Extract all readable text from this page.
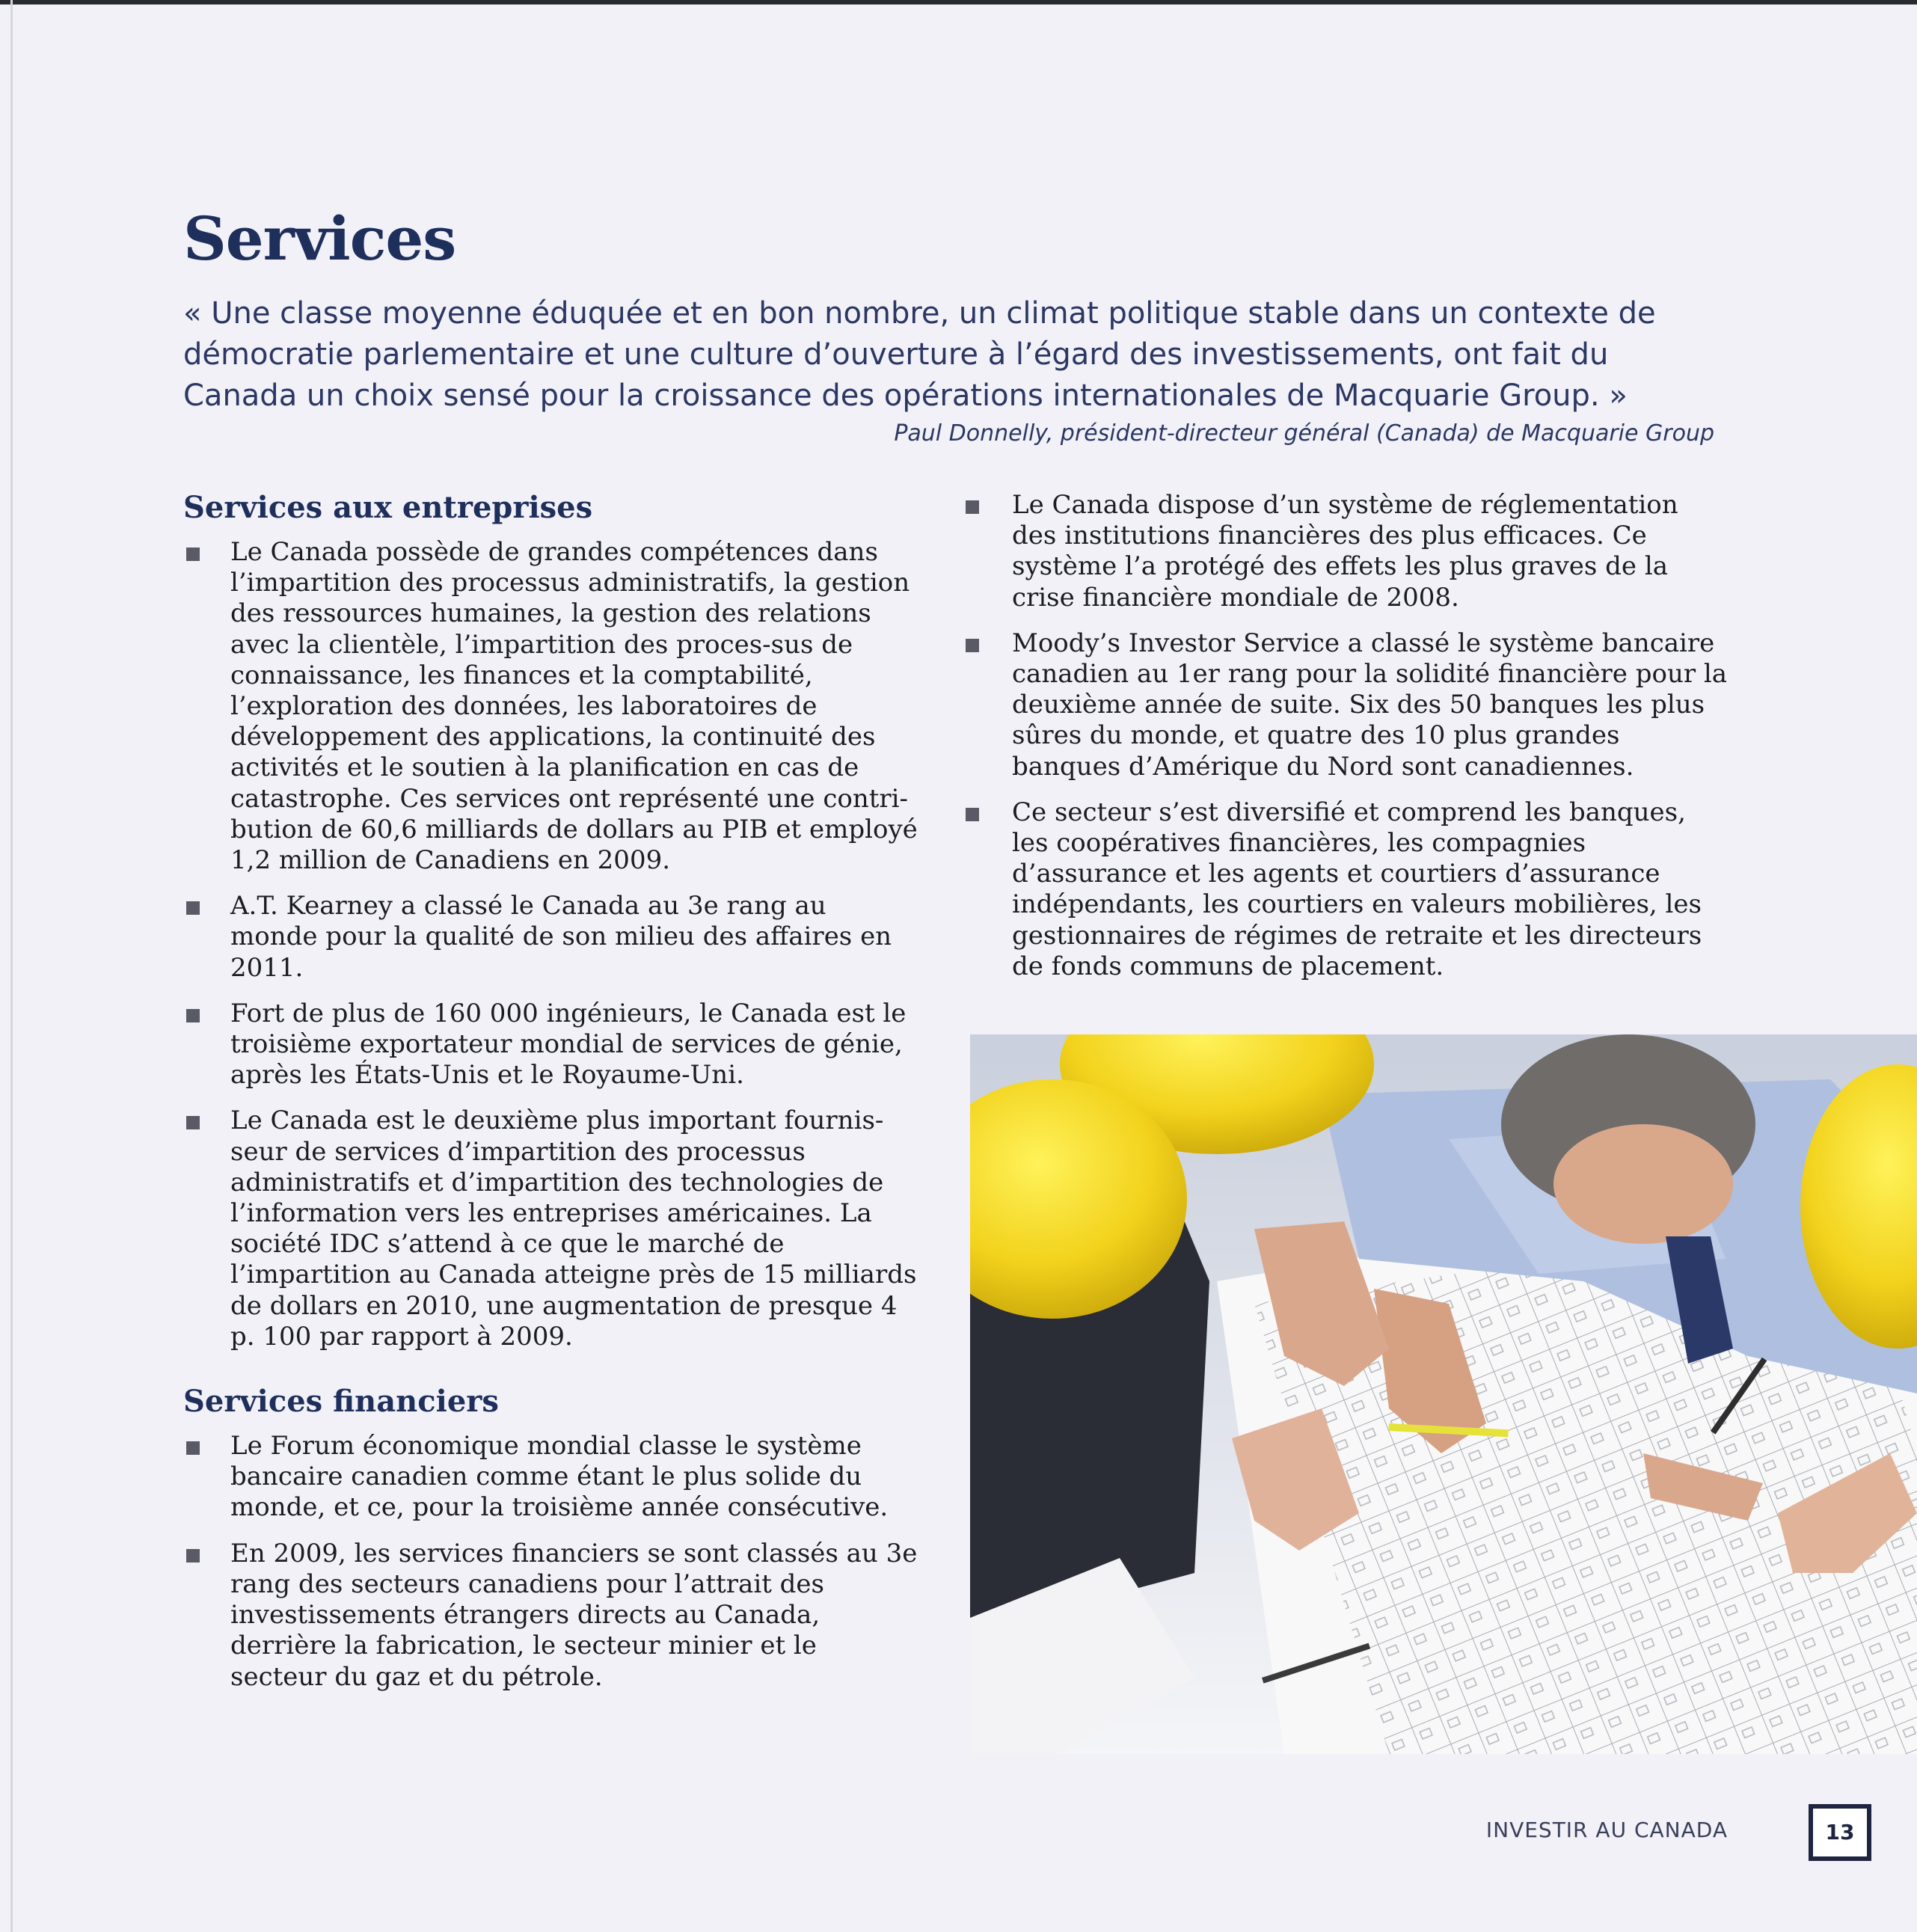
Services

« Une classe moyenne éduquée et en bon nombre, un climat politique stable dans un contexte de démocratie parlementaire et une culture d’ouverture à l’égard des investissements, ont fait du Canada un choix sensé pour la croissance des opérations internationales de Macquarie Group. »

Paul Donnelly, président-directeur général (Canada) de Macquarie Group
Services aux entreprises
Le Canada possède de grandes compétences dans l’impartition des processus administratifs, la gestion des ressources humaines, la gestion des relations avec la clientèle, l’impartition des proces-sus de connaissance, les finances et la comptabilité, l’exploration des données, les laboratoires de développement des applications, la continuité des activités et le soutien à la planification en cas de catastrophe. Ces services ont représenté une contri-bution de 60,6 milliards de dollars au PIB et employé 1,2 million de Canadiens en 2009.
A.T. Kearney a classé le Canada au 3e rang au monde pour la qualité de son milieu des affaires en 2011.
Fort de plus de 160 000 ingénieurs, le Canada est le troisième exportateur mondial de services de génie, après les États-Unis et le Royaume-Uni.
Le Canada est le deuxième plus important fournis-seur de services d’impartition des processus administratifs et d’impartition des technologies de l’information vers les entreprises américaines. La société IDC s’attend à ce que le marché de l’impartition au Canada atteigne près de 15 milliards de dollars en 2010, une augmentation de presque 4 p. 100 par rapport à 2009.
Services financiers
Le Forum économique mondial classe le système bancaire canadien comme étant le plus solide du monde, et ce, pour la troisième année consécutive.
En 2009, les services financiers se sont classés au 3e rang des secteurs canadiens pour l’attrait des investissements étrangers directs au Canada, derrière la fabrication, le secteur minier et le secteur du gaz et du pétrole.
Le Canada dispose d’un système de réglementation des institutions financières des plus efficaces. Ce système l’a protégé des effets les plus graves de la crise financière mondiale de 2008.
Moody’s Investor Service a classé le système bancaire canadien au 1er rang pour la solidité financière pour la deuxième année de suite. Six des 50 banques les plus sûres du monde, et quatre des 10 plus grandes banques d’Amérique du Nord sont canadiennes.
Ce secteur s’est diversifié et comprend les banques, les coopératives financières, les compagnies d’assurance et les agents et courtiers d’assurance indépendants, les courtiers en valeurs mobilières, les gestionnaires de régimes de retraite et les directeurs de fonds communs de placement.
INVESTIR AU CANADA	13
